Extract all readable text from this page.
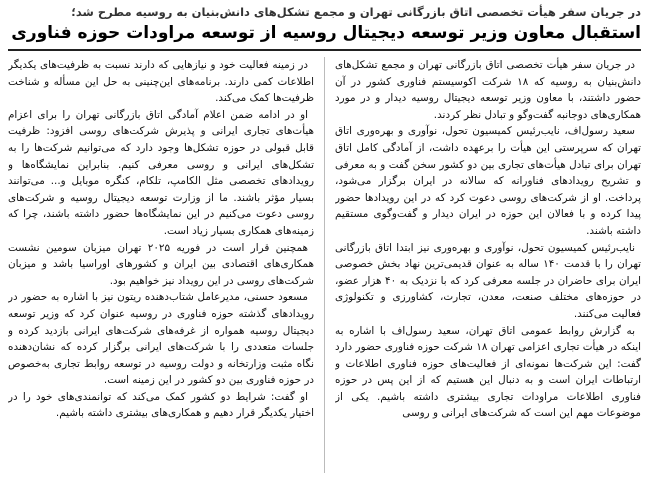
در جریان سفر هیأت تخصصی اتاق بازرگانی تهران و مجمع تشکل‌های دانش‌بنیان به روسیه مطرح شد؛
استقبال معاون وزیر توسعه دیجیتال روسیه از توسعه مراودات حوزه فناوری

در جریان سفر هیأت تخصصی اتاق بازرگانی تهران و مجمع تشکل‌های دانش‌بنیان به روسیه که ۱۸ شرکت اکوسیستم فناوری کشور در آن حضور داشتند، با معاون وزیر توسعه دیجیتال روسیه دیدار و در مورد همکاری‌های دوجانبه گفت‌وگو و تبادل نظر کردند.

سعید رسول‌اف، نایب‌رئیس کمیسیون تحول، نوآوری و بهره‌وری اتاق تهران که سرپرستی این هیأت را برعهده داشت، از آمادگی کامل اتاق تهران برای تبادل هیأت‌های تجاری بین دو کشور سخن گفت و به معرفی و تشریح رویدادهای فناورانه که سالانه در ایران برگزار می‌شود، پرداخت. او از شرکت‌های روسی دعوت کرد که در این رویدادها حضور پیدا کرده و با فعالان این حوزه در ایران دیدار و گفت‌وگوی مستقیم داشته باشند.

نایب‌رئیس کمیسیون تحول، نوآوری و بهره‌وری نیز ابتدا اتاق بازرگانی تهران را با قدمت ۱۴۰ ساله به عنوان قدیمی‌ترین نهاد بخش خصوصی ایران برای حاضران در جلسه معرفی کرد که با نزدیک به ۴۰ هزار عضو، در حوزه‌های مختلف صنعت، معدن، تجارت، کشاورزی و تکنولوژی فعالیت می‌کنند.

به گزارش روابط عمومی اتاق تهران، سعید رسول‌اف با اشاره به اینکه در هیأت تجاری اعزامی تهران ۱۸ شرکت حوزه فناوری حضور دارد گفت: این شرکت‌ها نمونه‌ای از فعالیت‌های حوزه فناوری اطلاعات و ارتباطات ایران است و به دنبال این هستیم که از این پس در حوزه فناوری اطلاعات مراودات تجاری بیشتری داشته باشیم. یکی از موضوعات مهم این است که شرکت‌های ایرانی و روسی

در زمینه فعالیت خود و نیازهایی که دارند نسبت به ظرفیت‌های یکدیگر اطلاعات کمی دارند. برنامه‌های این‌چنینی به حل این مسأله و شناخت ظرفیت‌ها کمک می‌کند.

او در ادامه ضمن اعلام آمادگی اتاق بازرگانی تهران را برای اعزام هیأت‌های تجاری ایرانی و پذیرش شرکت‌های روسی افزود: ظرفیت قابل قبولی در حوزه تشکل‌ها وجود دارد که می‌توانیم شرکت‌ها را به تشکل‌های ایرانی و روسی معرفی کنیم. بنابراین نمایشگاه‌ها و رویدادهای تخصصی مثل الکامپ، تلکام، کنگره موبایل و... می‌توانند بسیار مؤثر باشند. ما از وزارت توسعه دیجیتال روسیه و شرکت‌های روسی دعوت می‌کنیم در این نمایشگاه‌ها حضور داشته باشند، چرا که زمینه‌های همکاری بسیار زیاد است.

همچنین قرار است در فوریه ۲۰۲۵ تهران میزبان سومین نشست همکاری‌های اقتصادی بین ایران و کشورهای اوراسیا باشد و میزبان شرکت‌های روسی در این رویداد نیز خواهیم بود.

مسعود حسنی، مدیرعامل شتاب‌دهنده ریتون نیز با اشاره به حضور در رویدادهای گذشته حوزه فناوری در روسیه عنوان کرد که وزیر توسعه دیجیتال روسیه همواره از غرفه‌های شرکت‌های ایرانی بازدید کرده و جلسات متعددی را با شرکت‌های ایرانی برگزار کرده که نشان‌دهنده نگاه مثبت وزارتخانه و دولت روسیه در توسعه روابط تجاری به‌خصوص در حوزه فناوری بین دو کشور در این زمینه است.

او گفت: شرایط دو کشور کمک می‌کند که توانمندی‌های خود را در اختیار یکدیگر قرار دهیم و همکاری‌های بیشتری داشته باشیم.
